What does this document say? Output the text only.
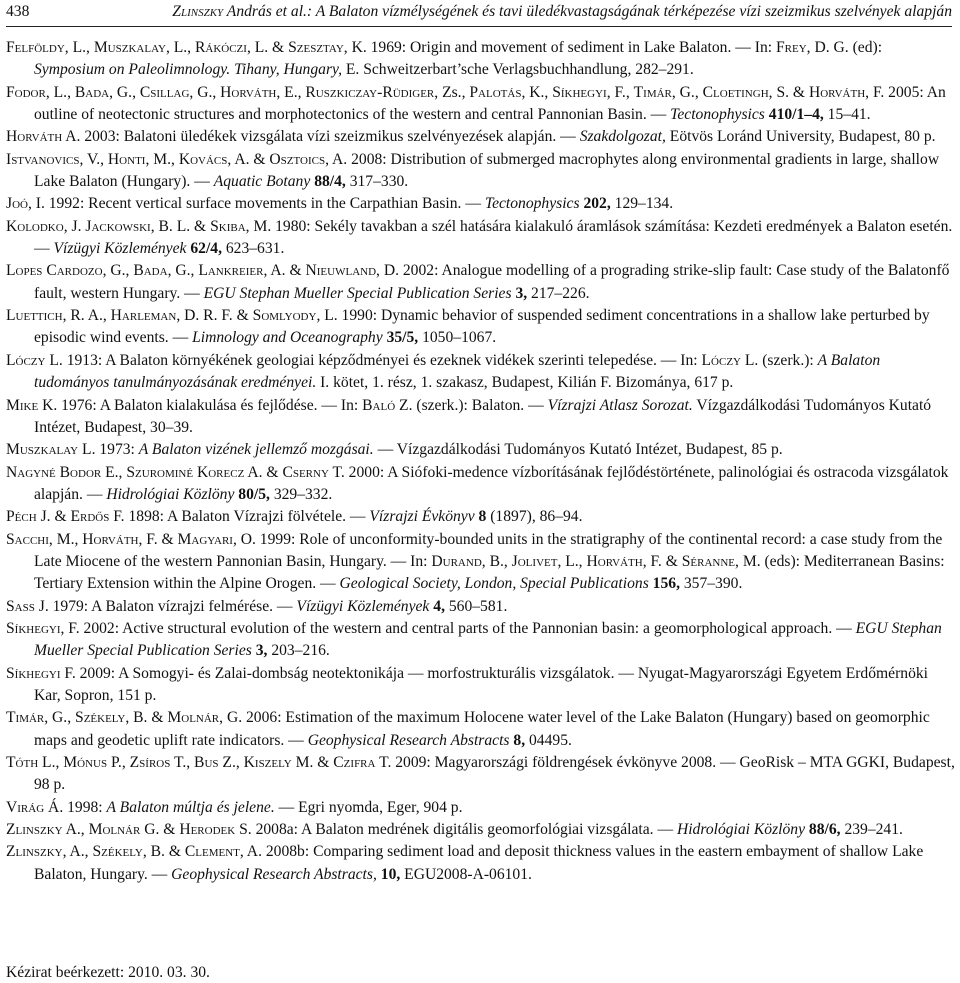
438	Zlinszky András et al.: A Balaton vízmélységének és tavi üledékvastagságának térképezése vízi szeizmikus szelvények alapján

Felföldy, L., Muszkalay, L., Rákóczi, L. & Szesztay, K. 1969: Origin and movement of sediment in Lake Balaton. — In: Frey, D. G. (ed): Symposium on Paleolimnology. Tihany, Hungary, E. Schweitzerbart’sche Verlagsbuchhandlung, 282–291.

Fodor, L., Bada, G., Csillag, G., Horváth, E., Ruszkiczay-Rüdiger, Zs., Palotás, K., Síkhegyi, F., Timár, G., Cloetingh, S. & Horváth, F. 2005: An outline of neotectonic structures and morphotectonics of the western and central Pannonian Basin. — Tectonophysics 410/1–4, 15–41.

Horváth A. 2003: Balatoni üledékek vizsgálata vízi szeizmikus szelvényezések alapján. — Szakdolgozat, Eötvös Loránd University, Budapest, 80 p.

Istvanovics, V., Honti, M., Kovács, A. & Osztoics, A. 2008: Distribution of submerged macrophytes along environmental gradients in large, shallow Lake Balaton (Hungary). — Aquatic Botany 88/4, 317–330.

Joó, I. 1992: Recent vertical surface movements in the Carpathian Basin. — Tectonophysics 202, 129–134.

Kolodko, J. Jackowski, B. L. & Skiba, M. 1980: Sekély tavakban a szél hatására kialakuló áramlások számítása: Kezdeti eredmények a Balaton esetén. — Vízügyi Közlemények 62/4, 623–631.

Lopes Cardozo, G., Bada, G., Lankreier, A. & Nieuwland, D. 2002: Analogue modelling of a prograding strike-slip fault: Case study of the Balatonfő fault, western Hungary. — EGU Stephan Mueller Special Publication Series 3, 217–226.

Luettich, R. A., Harleman, D. R. F. & Somlyody, L. 1990: Dynamic behavior of suspended sediment concentrations in a shallow lake perturbed by episodic wind events. — Limnology and Oceanography 35/5, 1050–1067.

Lóczy L. 1913: A Balaton környékének geologiai képződményei és ezeknek vidékek szerinti telepedése. — In: Lóczy L. (szerk.): A Balaton tudományos tanulmányozásának eredményei. I. kötet, 1. rész, 1. szakasz, Budapest, Kilián F. Bizománya, 617 p.

Mike K. 1976: A Balaton kialakulása és fejlődése. — In: Baló Z. (szerk.): Balaton. — Vízrajzi Atlasz Sorozat. Vízgazdálkodási Tudományos Kutató Intézet, Budapest, 30–39.

Muszkalay L. 1973: A Balaton vizének jellemző mozgásai. — Vízgazdálkodási Tudományos Kutató Intézet, Budapest, 85 p.

Nagyné Bodor E., Szurominé Korecz A. & Cserny T. 2000: A Siófoki-medence vízborításának fejlődéstörténete, palinológiai és ostracoda vizsgálatok alapján. — Hidrológiai Közlöny 80/5, 329–332.

Péch J. & Erdős F. 1898: A Balaton Vízrajzi fölvétele. — Vízrajzi Évkönyv 8 (1897), 86–94.

Sacchi, M., Horváth, F. & Magyari, O. 1999: Role of unconformity-bounded units in the stratigraphy of the continental record: a case study from the Late Miocene of the western Pannonian Basin, Hungary. — In: Durand, B., Jolivet, L., Horváth, F. & Séranne, M. (eds): Mediterranean Basins: Tertiary Extension within the Alpine Orogen. — Geological Society, London, Special Publications 156, 357–390.

Sass J. 1979: A Balaton vízrajzi felmérése. — Vízügyi Közlemények 4, 560–581.

Síkhegyi, F. 2002: Active structural evolution of the western and central parts of the Pannonian basin: a geomorphological approach. — EGU Stephan Mueller Special Publication Series 3, 203–216.

Síkhegyi F. 2009: A Somogyi- és Zalai-dombság neotektonikája — morfostrukturális vizsgálatok. — Nyugat-Magyarországi Egyetem Erdőmérnöki Kar, Sopron, 151 p.

Timár, G., Székely, B. & Molnár, G. 2006: Estimation of the maximum Holocene water level of the Lake Balaton (Hungary) based on geomorphic maps and geodetic uplift rate indicators. — Geophysical Research Abstracts 8, 04495.

Tóth L., Mónus P., Zsíros T., Bus Z., Kiszely M. & Czifra T. 2009: Magyarországi földrengések évkönyve 2008. — GeoRisk – MTA GGKI, Budapest, 98 p.

Virág Á. 1998: A Balaton múltja és jelene. — Egri nyomda, Eger, 904 p.

Zlinszky A., Molnár G. & Herodek S. 2008a: A Balaton medrének digitális geomorfológiai vizsgálata. — Hidrológiai Közlöny 88/6, 239–241.

Zlinszky, A., Székely, B. & Clement, A. 2008b: Comparing sediment load and deposit thickness values in the eastern embayment of shallow Lake Balaton, Hungary. — Geophysical Research Abstracts, 10, EGU2008-A-06101.

Kézirat beérkezett: 2010. 03. 30.
